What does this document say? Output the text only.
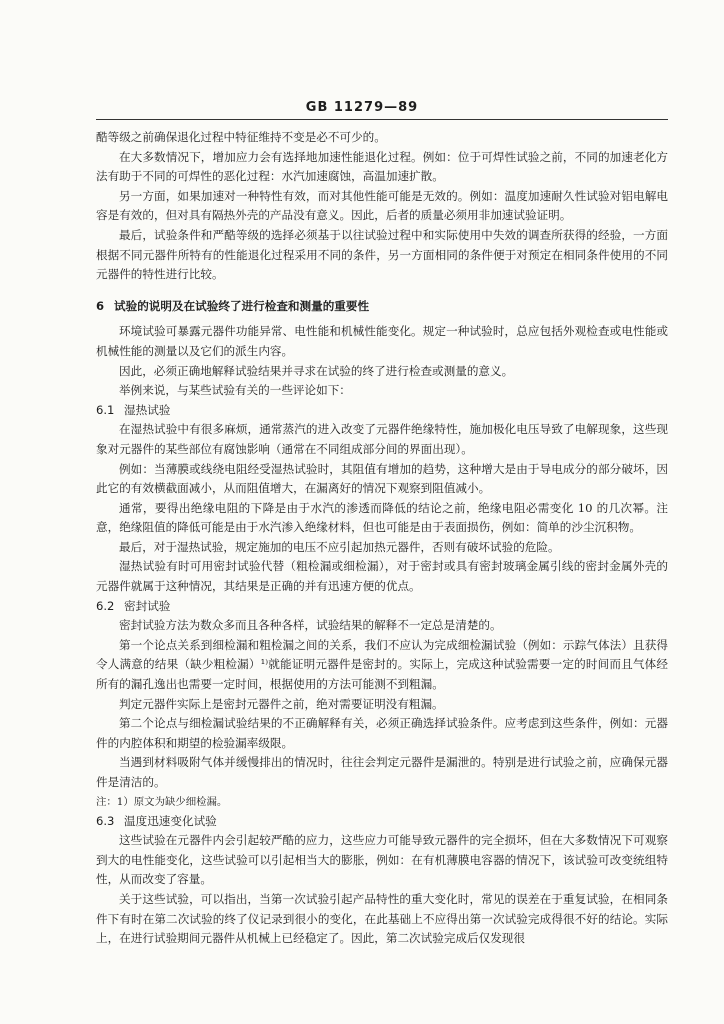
GB 11279—89

酷等级之前确保退化过程中特征维持不变是必不可少的。

在大多数情况下，增加应力会有选择地加速性能退化过程。例如：位于可焊性试验之前，不同的加速老化方法有助于不同的可焊性的恶化过程：水汽加速腐蚀，高温加速扩散。

另一方面，如果加速对一种特性有效，而对其他性能可能是无效的。例如：温度加速耐久性试验对铝电解电容是有效的，但对具有隔热外壳的产品没有意义。因此，后者的质量必须用非加速试验证明。

最后，试验条件和严酷等级的选择必须基于以往试验过程中和实际使用中失效的调查所获得的经验，一方面根据不同元器件所特有的性能退化过程采用不同的条件，另一方面相同的条件便于对预定在相同条件使用的不同元器件的特性进行比较。

6 试验的说明及在试验终了进行检查和测量的重要性

环境试验可暴露元器件功能异常、电性能和机械性能变化。规定一种试验时，总应包括外观检查或电性能或机械性能的测量以及它们的派生内容。

因此，必须正确地解释试验结果并寻求在试验的终了进行检查或测量的意义。

举例来说，与某些试验有关的一些评论如下：

6.1 湿热试验

在湿热试验中有很多麻烦，通常蒸汽的进入改变了元器件绝缘特性，施加极化电压导致了电解现象，这些现象对元器件的某些部位有腐蚀影响（通常在不同组成部分间的界面出现）。

例如：当薄膜或线绕电阻经受湿热试验时，其阻值有增加的趋势，这种增大是由于导电成分的部分破坏，因此它的有效横截面减小，从而阻值增大，在漏离好的情况下观察到阻值减小。

通常，要得出绝缘电阻的下降是由于水汽的渗透而降低的结论之前，绝缘电阻必需变化 10 的几次幂。注意，绝缘阻值的降低可能是由于水汽渗入绝缘材料，但也可能是由于表面损伤，例如：简单的沙尘沉积物。

最后，对于湿热试验，规定施加的电压不应引起加热元器件，否则有破坏试验的危险。

湿热试验有时可用密封试验代替（粗检漏或细检漏），对于密封或具有密封玻璃金属引线的密封金属外壳的元器件就属于这种情况，其结果是正确的并有迅速方便的优点。

6.2 密封试验

密封试验方法为数众多而且各种各样，试验结果的解释不一定总是清楚的。

第一个论点关系到细检漏和粗检漏之间的关系，我们不应认为完成细检漏试验（例如：示踪气体法）且获得令人满意的结果（缺少粗检漏）¹⁾就能证明元器件是密封的。实际上，完成这种试验需要一定的时间而且气体经所有的漏孔逸出也需要一定时间，根据使用的方法可能测不到粗漏。

判定元器件实际上是密封元器件之前，绝对需要证明没有粗漏。

第二个论点与细检漏试验结果的不正确解释有关，必须正确选择试验条件。应考虑到这些条件，例如：元器件的内腔体积和期望的检验漏率级限。

当遇到材料吸附气体并缓慢排出的情况时，往往会判定元器件是漏泄的。特别是进行试验之前，应确保元器件是清洁的。

注：1）原文为缺少细检漏。

6.3 温度迅速变化试验

这些试验在元器件内会引起较严酷的应力，这些应力可能导致元器件的完全损坏，但在大多数情况下可观察到大的电性能变化，这些试验可以引起相当大的膨胀，例如：在有机薄膜电容器的情况下，该试验可改变统组特性，从而改变了容量。

关于这些试验，可以指出，当第一次试验引起产品特性的重大变化时，常见的误差在于重复试验，在相同条件下有时在第二次试验的终了仪记录到很小的变化，在此基础上不应得出第一次试验完成得很不好的结论。实际上，在进行试验期间元器件从机械上已经稳定了。因此，第二次试验完成后仅发现很
